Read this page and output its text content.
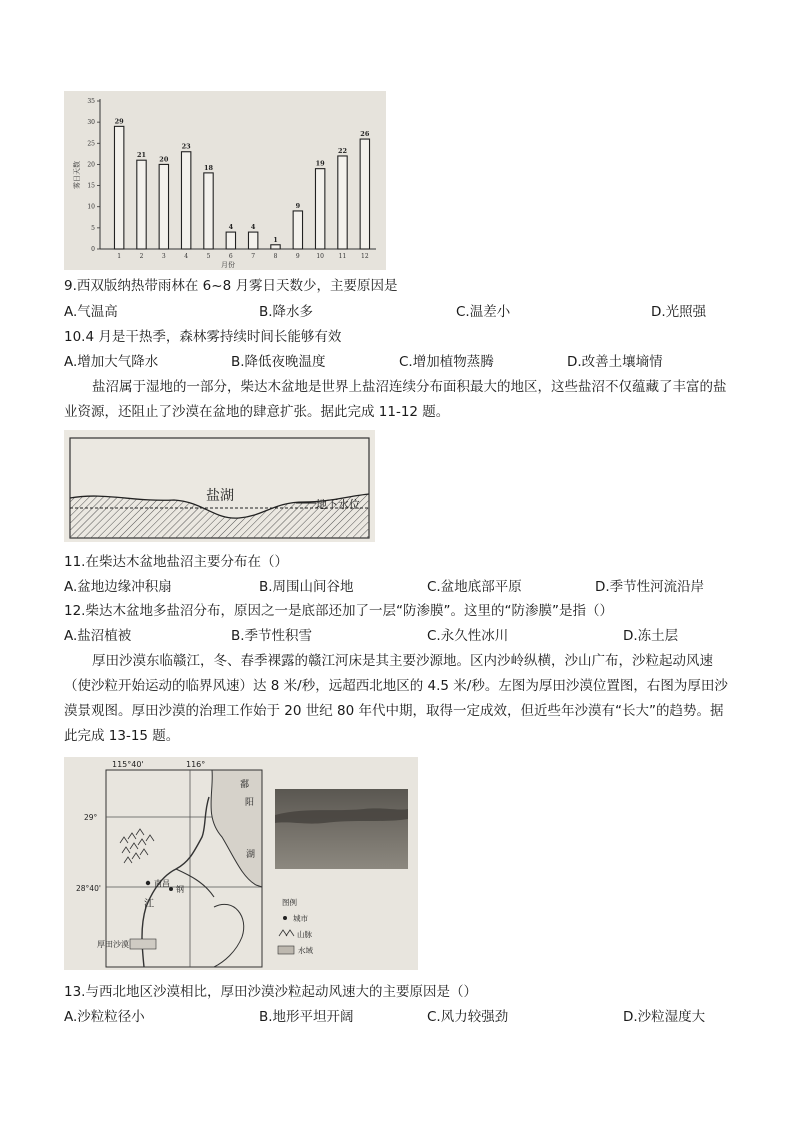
0
5
10
15
20
25
30
35
29
1
21
2
20
3
23
4
18
5
4
6
4
7
1
8
9
9
19
10
22
11
26
12
月份
雾日天数
9.西双版纳热带雨林在 6~8 月雾日天数少，主要原因是
A.气温高	B.降水多	C.温差小	D.光照强
10.4 月是干热季，森林雾持续时间长能够有效
A.增加大气降水	B.降低夜晚温度	C.增加植物蒸腾	D.改善土壤墒情
盐沼属于湿地的一部分，柴达木盆地是世界上盐沼连续分布面积最大的地区，这些盐沼不仅蕴藏了丰富的盐业资源，还阻止了沙漠在盆地的肆意扩张。据此完成 11-12 题。
盐湖
地下水位
11.在柴达木盆地盐沼主要分布在（）
A.盆地边缘冲积扇	B.周围山间谷地	C.盆地底部平原	D.季节性河流沿岸
12.柴达木盆地多盐沼分布，原因之一是底部还加了一层“防渗膜”。这里的“防渗膜”是指（）
A.盐沼植被	B.季节性积雪	C.永久性冰川	D.冻土层
厚田沙漠东临赣江，冬、春季裸露的赣江河床是其主要沙源地。区内沙岭纵横，沙山广布，沙粒起动风速（使沙粒开始运动的临界风速）达 8 米/秒，远超西北地区的 4.5 米/秒。左图为厚田沙漠位置图，右图为厚田沙漠景观图。厚田沙漠的治理工作始于 20 世纪 80 年代中期，取得一定成效，但近些年沙漠有“长大”的趋势。据此完成 13-15 题。
115°40'	116°
29°
28°40'
鄱
阳
湖
江
南昌
钢
厚田沙漠
图例
城市
山脉
水域
13.与西北地区沙漠相比，厚田沙漠沙粒起动风速大的主要原因是（）
A.沙粒粒径小	B.地形平坦开阔	C.风力较强劲	D.沙粒湿度大
